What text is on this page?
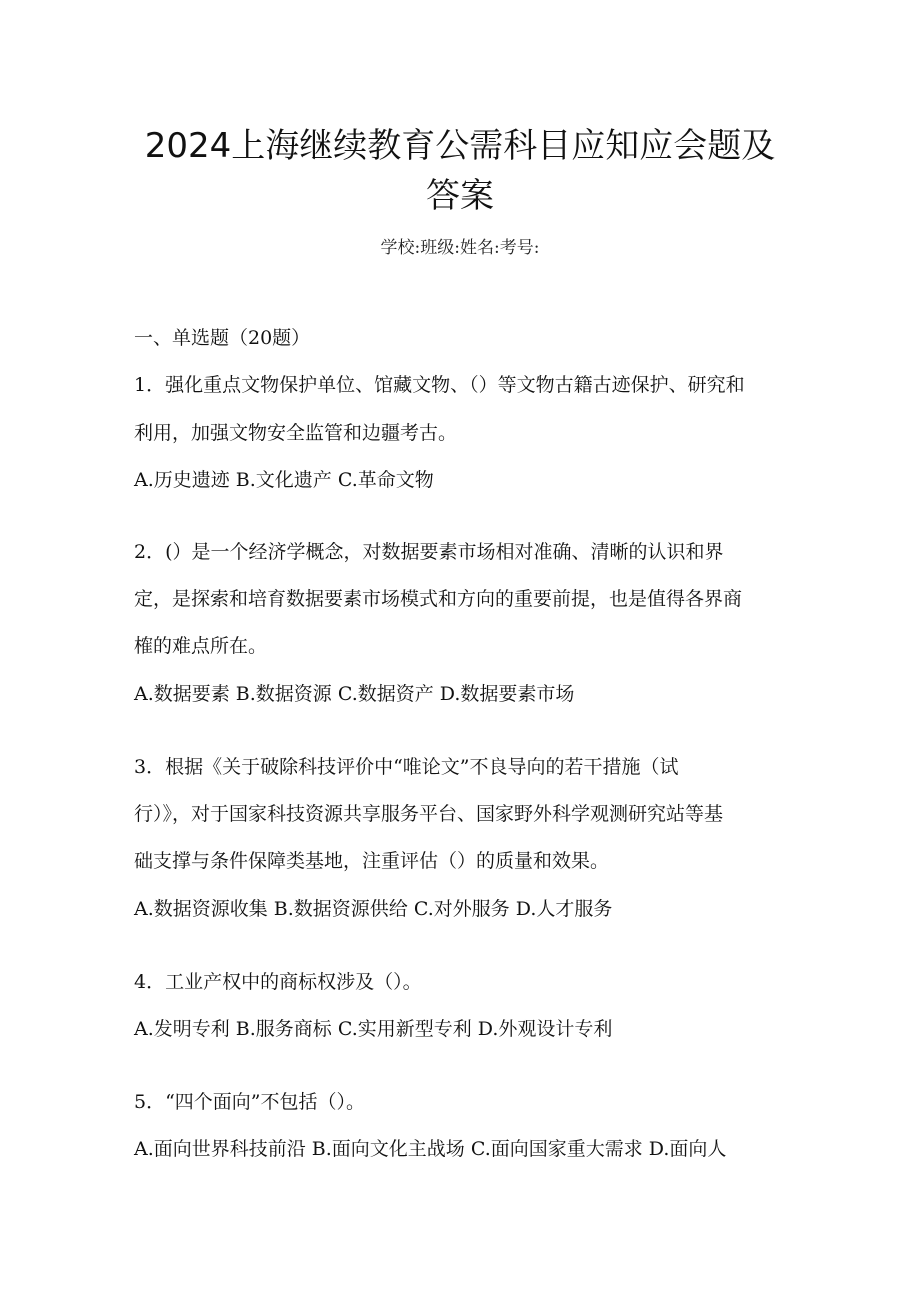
2024上海继续教育公需科目应知应会题及
答案
学校:班级:姓名:考号:
一、单选题（20题）
1．强化重点文物保护单位、馆藏文物、（）等文物古籍古迹保护、研究和
利用，加强文物安全监管和边疆考古。
A.历史遗迹 B.文化遗产 C.革命文物
2．(）是一个经济学概念，对数据要素市场相对准确、清晰的认识和界
定，是探索和培育数据要素市场模式和方向的重要前提，也是值得各界商
榷的难点所在。
A.数据要素 B.数据资源 C.数据资产 D.数据要素市场
3．根据《关于破除科技评价中“唯论文”不良导向的若干措施（试
行）》，对于国家科技资源共享服务平台、国家野外科学观测研究站等基
础支撑与条件保障类基地，注重评估（）的质量和效果。
A.数据资源收集 B.数据资源供给 C.对外服务 D.人才服务
4．工业产权中的商标权涉及（）。
A.发明专利 B.服务商标 C.实用新型专利 D.外观设计专利
5．“四个面向”不包括（）。
A.面向世界科技前沿 B.面向文化主战场 C.面向国家重大需求 D.面向人
